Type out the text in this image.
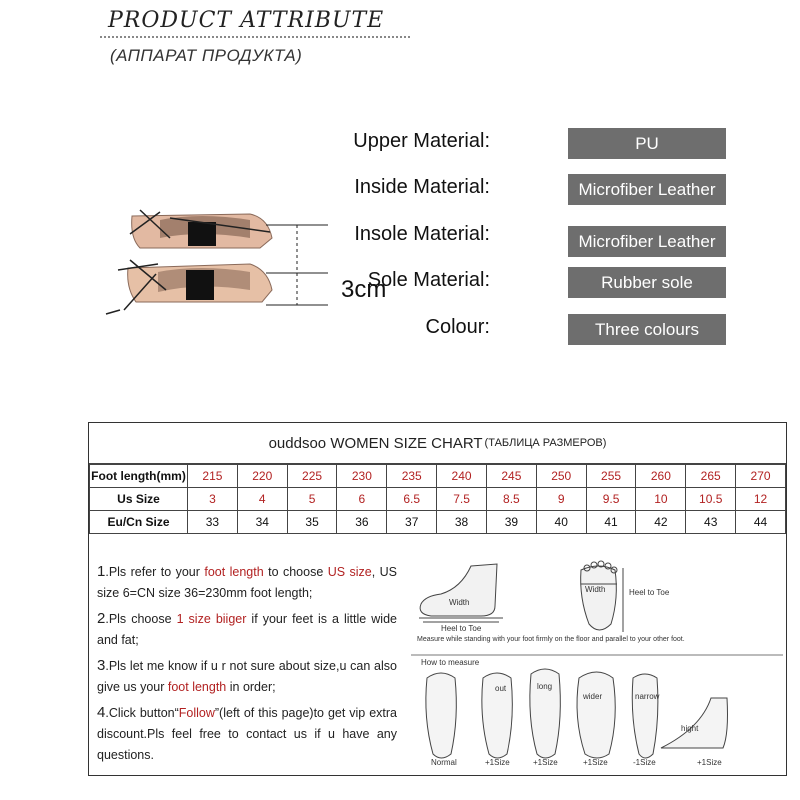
PRODUCT ATTRIBUTE
(АППАРАТ ПРОДУКТА)
Upper Material:	PU
Inside Material:	Microfiber Leather
Insole Material:	Microfiber Leather
Sole Material:	Rubber sole
Colour:	Three colours
3cm
ouddsoo WOMEN SIZE CHART (ТАБЛИЦА РАЗМЕРОВ)
Foot length(mm)	215	220	225	230	235	240	245	250	255	260	265	270
Us Size	3	4	5	6	6.5	7.5	8.5	9	9.5	10	10.5	12
Eu/Cn Size	33	34	35	36	37	38	39	40	41	42	43	44
1.Pls refer to your foot length to choose US size, US size 6=CN size 36=230mm foot length;
2.Pls choose 1 size biiger if your feet is a little wide and fat;
3.Pls let me know if u r not sure about size,u can also give us your foot length in order;
4.Click button“Follow”(left of this page)to get vip extra discount.Pls feel free to contact us if u have any questions.
Width
Heel to Toe
Width	Heel to Toe
Measure while standing with your foot firmly on the floor and parallel to your other foot.
How to measure
out	long
wider	narrow
hight
Normal	+1Size	+1Size	+1Size	-1Size	+1Size
